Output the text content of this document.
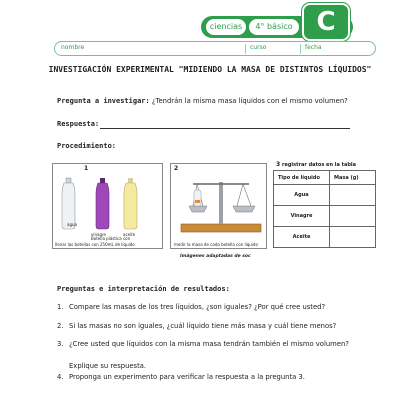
ciencias	4° básico C
nombre	curso	fecha
INVESTIGACIÓN EXPERIMENTAL "MIDIENDO LA MASA DE DISTINTOS LÍQUIDOS"
Pregunta a investigar: ¿Tendrán la misma masa líquidos con el mismo volumen?
Respuesta:
Procedimiento:
1
agua
vinagre	aceite
Botella plástica con
llenar las botellas con 250mL de líquido
2
medir la masa de cada botella con líquido
3 registrar datos en la tabla
Tipo de líquido	Masa (g)
Agua	
Vinagre	
Aceite	
Imágenes adaptadas de soc
Preguntas e interpretación de resultados:
1. Compare las masas de los tres líquidos, ¿son iguales? ¿Por qué cree usted?
2. Si las masas no son iguales, ¿cuál líquido tiene más masa y cuál tiene menos?
3. ¿Cree usted que líquidos con la misma masa tendrán también el mismo volumen?
4. Proponga un experimento para verificar la respuesta a la pregunta 3.
Explique su respuesta.
